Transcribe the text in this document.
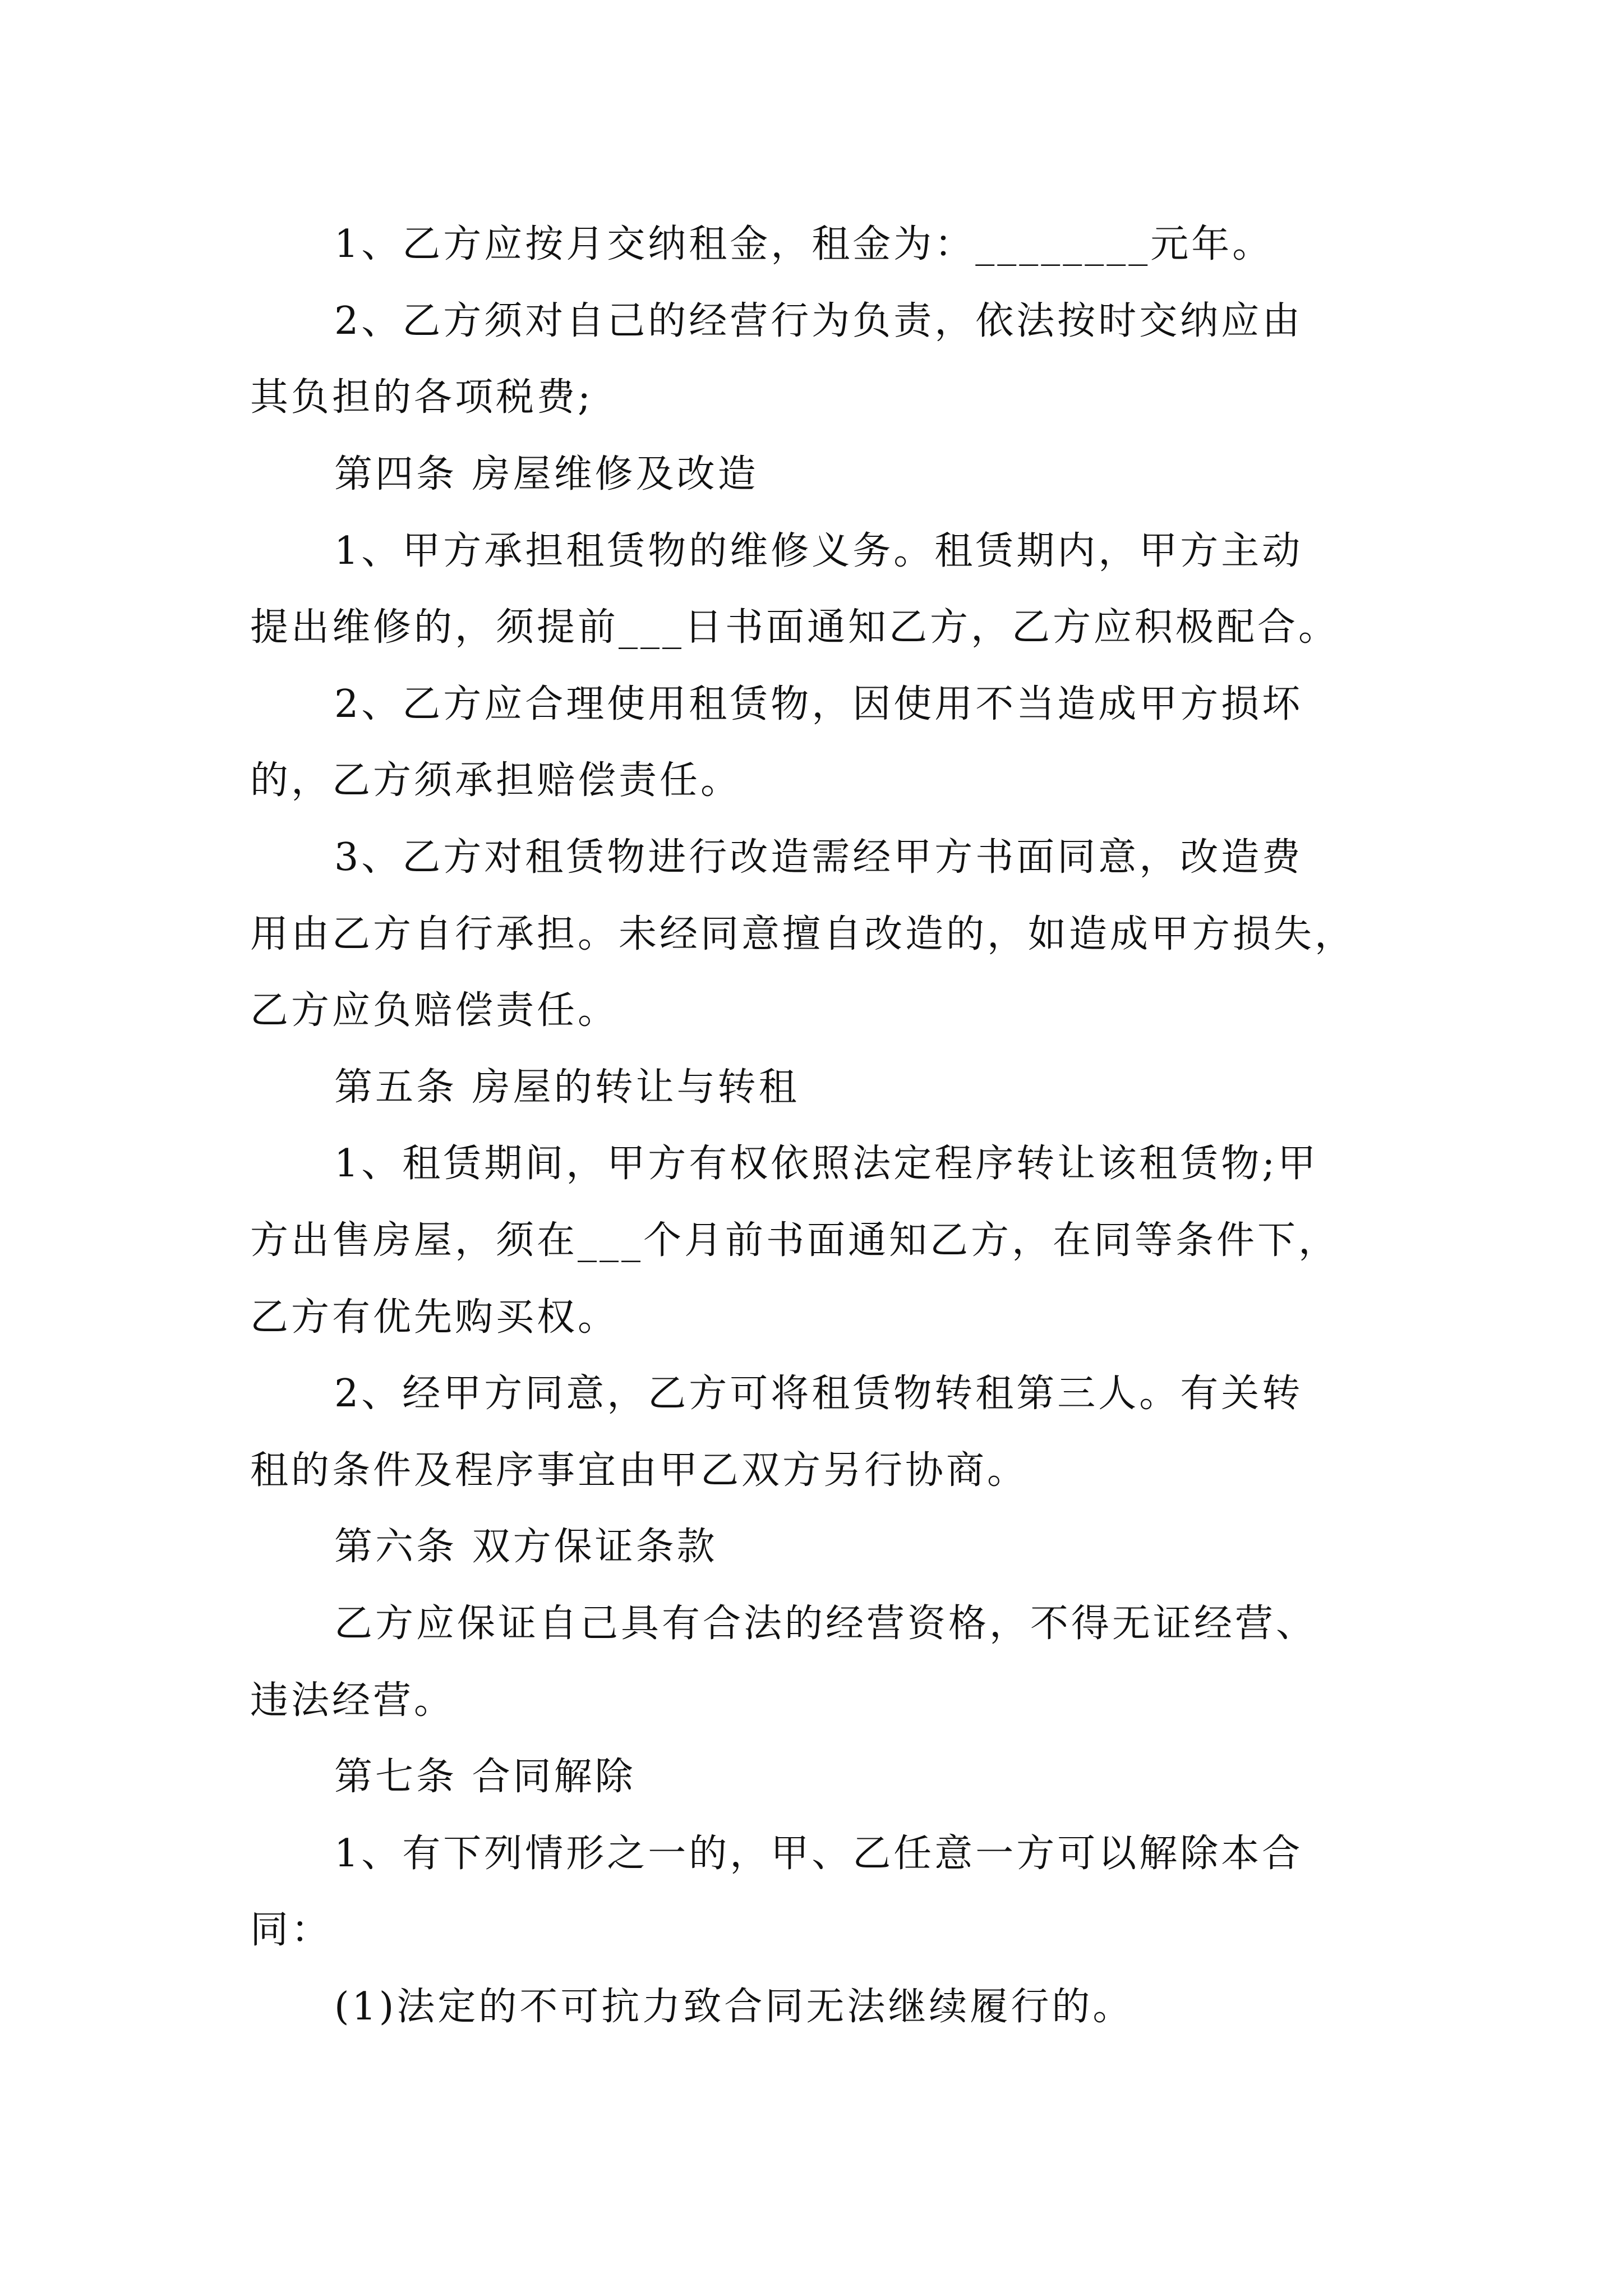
1、乙方应按月交纳租金，租金为：________元年。
2、乙方须对自己的经营行为负责，依法按时交纳应由
其负担的各项税费;
第四条 房屋维修及改造
1、甲方承担租赁物的维修义务。租赁期内，甲方主动
提出维修的，须提前___日书面通知乙方，乙方应积极配合。
2、乙方应合理使用租赁物，因使用不当造成甲方损坏
的，乙方须承担赔偿责任。
3、乙方对租赁物进行改造需经甲方书面同意，改造费
用由乙方自行承担。未经同意擅自改造的，如造成甲方损失，
乙方应负赔偿责任。
第五条 房屋的转让与转租
1、租赁期间，甲方有权依照法定程序转让该租赁物;甲
方出售房屋，须在___个月前书面通知乙方，在同等条件下，
乙方有优先购买权。
2、经甲方同意，乙方可将租赁物转租第三人。有关转
租的条件及程序事宜由甲乙双方另行协商。
第六条 双方保证条款
乙方应保证自己具有合法的经营资格，不得无证经营、
违法经营。
第七条 合同解除
1、有下列情形之一的，甲、乙任意一方可以解除本合
同：
(1)法定的不可抗力致合同无法继续履行的。
